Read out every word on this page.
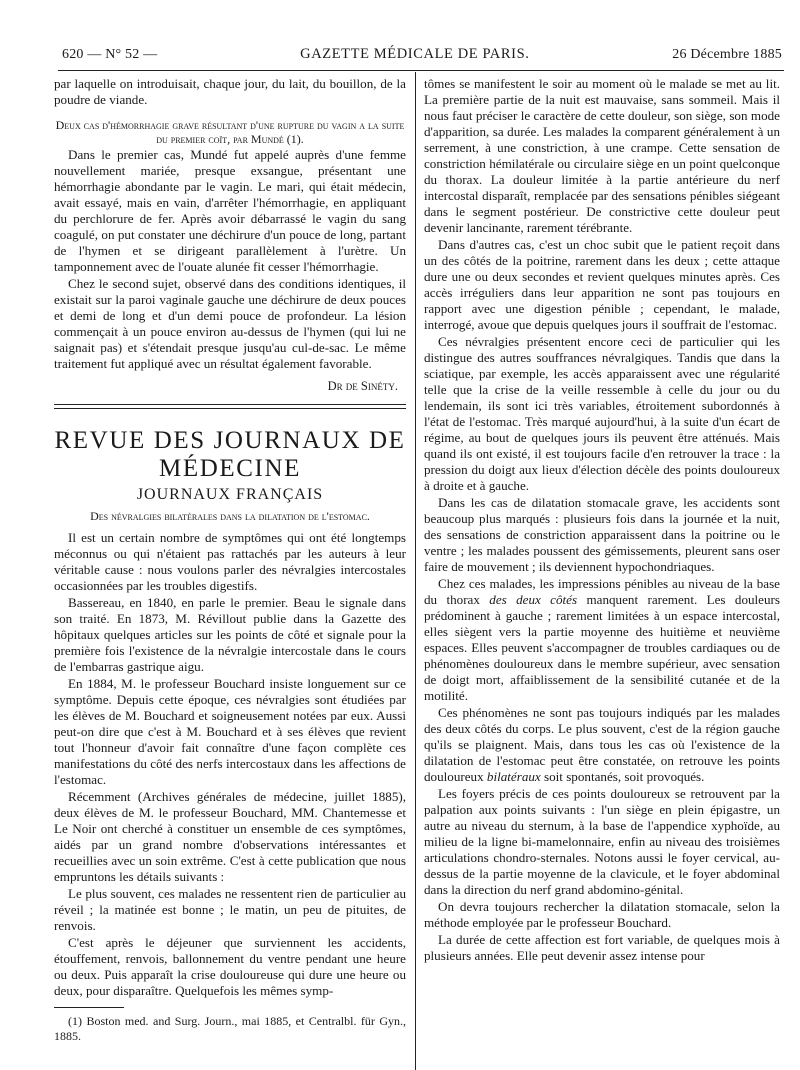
620 — N° 52 —	GAZETTE MÉDICALE DE PARIS.	26 Décembre 1885

par laquelle on introduisait, chaque jour, du lait, du bouillon, de la poudre de viande.

Deux cas d'hémorrhagie grave résultant d'une rupture du vagin a la suite du premier coït, par Mundé (1).

Dans le premier cas, Mundé fut appelé auprès d'une femme nouvellement mariée, presque exsangue, présentant une hémorrhagie abondante par le vagin. Le mari, qui était médecin, avait essayé, mais en vain, d'arrêter l'hémorrhagie, en appliquant du perchlorure de fer. Après avoir débarrassé le vagin du sang coagulé, on put constater une déchirure d'un pouce de long, partant de l'hymen et se dirigeant parallèlement à l'urètre. Un tamponnement avec de l'ouate alunée fit cesser l'hémorrhagie.

Chez le second sujet, observé dans des conditions identiques, il existait sur la paroi vaginale gauche une déchirure de deux pouces et demi de long et d'un demi pouce de profondeur. La lésion commençait à un pouce environ au-dessus de l'hymen (qui lui ne saignait pas) et s'étendait presque jusqu'au cul-de-sac. Le même traitement fut appliqué avec un résultat également favorable.

Dr de Sinéty.
REVUE DES JOURNAUX DE MÉDECINE
JOURNAUX FRANÇAIS
Des névralgies bilatérales dans la dilatation de l'estomac.

Il est un certain nombre de symptômes qui ont été longtemps méconnus ou qui n'étaient pas rattachés par les auteurs à leur véritable cause : nous voulons parler des névralgies intercostales occasionnées par les troubles digestifs.

Bassereau, en 1840, en parle le premier. Beau le signale dans son traité. En 1873, M. Révillout publie dans la Gazette des hôpitaux quelques articles sur les points de côté et signale pour la première fois l'existence de la névralgie intercostale dans le cours de l'embarras gastrique aigu.

En 1884, M. le professeur Bouchard insiste longuement sur ce symptôme. Depuis cette époque, ces névralgies sont étudiées par les élèves de M. Bouchard et soigneusement notées par eux. Aussi peut-on dire que c'est à M. Bouchard et à ses élèves que revient tout l'honneur d'avoir fait connaître d'une façon complète ces manifestations du côté des nerfs intercostaux dans les affections de l'estomac.

Récemment (Archives générales de médecine, juillet 1885), deux élèves de M. le professeur Bouchard, MM. Chantemesse et Le Noir ont cherché à constituer un ensemble de ces symptômes, aidés par un grand nombre d'observations intéressantes et recueillies avec un soin extrême. C'est à cette publication que nous empruntons les détails suivants :

Le plus souvent, ces malades ne ressentent rien de particulier au réveil ; la matinée est bonne ; le matin, un peu de pituites, de renvois.

C'est après le déjeuner que surviennent les accidents, étouffement, renvois, ballonnement du ventre pendant une heure ou deux. Puis apparaît la crise douloureuse qui dure une heure ou deux, pour disparaître. Quelquefois les mêmes symp-

(1) Boston med. and Surg. Journ., mai 1885, et Centralbl. für Gyn., 1885.

tômes se manifestent le soir au moment où le malade se met au lit. La première partie de la nuit est mauvaise, sans sommeil. Mais il nous faut préciser le caractère de cette douleur, son siège, son mode d'apparition, sa durée. Les malades la comparent généralement à un serrement, à une constriction, à une crampe. Cette sensation de constriction hémilatérale ou circulaire siège en un point quelconque du thorax. La douleur limitée à la partie antérieure du nerf intercostal disparaît, remplacée par des sensations pénibles siégeant dans le segment postérieur. De constrictive cette douleur peut devenir lancinante, rarement térébrante.

Dans d'autres cas, c'est un choc subit que le patient reçoit dans un des côtés de la poitrine, rarement dans les deux ; cette attaque dure une ou deux secondes et revient quelques minutes après. Ces accès irréguliers dans leur apparition ne sont pas toujours en rapport avec une digestion pénible ; cependant, le malade, interrogé, avoue que depuis quelques jours il souffrait de l'estomac.

Ces névralgies présentent encore ceci de particulier qui les distingue des autres souffrances névralgiques. Tandis que dans la sciatique, par exemple, les accès apparaissent avec une régularité telle que la crise de la veille ressemble à celle du jour ou du lendemain, ils sont ici très variables, étroitement subordonnés à l'état de l'estomac. Très marqué aujourd'hui, à la suite d'un écart de régime, au bout de quelques jours ils peuvent être atténués. Mais quand ils ont existé, il est toujours facile d'en retrouver la trace : la pression du doigt aux lieux d'élection décèle des points douloureux à droite et à gauche.

Dans les cas de dilatation stomacale grave, les accidents sont beaucoup plus marqués : plusieurs fois dans la journée et la nuit, des sensations de constriction apparaissent dans la poitrine ou le ventre ; les malades poussent des gémissements, pleurent sans oser faire de mouvement ; ils deviennent hypochondriaques.

Chez ces malades, les impressions pénibles au niveau de la base du thorax des deux côtés manquent rarement. Les douleurs prédominent à gauche ; rarement limitées à un espace intercostal, elles siègent vers la partie moyenne des huitième et neuvième espaces. Elles peuvent s'accompagner de troubles cardiaques ou de phénomènes douloureux dans le membre supérieur, avec sensation de doigt mort, affaiblissement de la sensibilité cutanée et de la motilité.

Ces phénomènes ne sont pas toujours indiqués par les malades des deux côtés du corps. Le plus souvent, c'est de la région gauche qu'ils se plaignent. Mais, dans tous les cas où l'existence de la dilatation de l'estomac peut être constatée, on retrouve les points douloureux bilatéraux soit spontanés, soit provoqués.

Les foyers précis de ces points douloureux se retrouvent par la palpation aux points suivants : l'un siège en plein épigastre, un autre au niveau du sternum, à la base de l'appendice xyphoïde, au milieu de la ligne bi-mamelonnaire, enfin au niveau des troisièmes articulations chondro-sternales. Notons aussi le foyer cervical, au-dessus de la partie moyenne de la clavicule, et le foyer abdominal dans la direction du nerf grand abdomino-génital.

On devra toujours rechercher la dilatation stomacale, selon la méthode employée par le professeur Bouchard.

La durée de cette affection est fort variable, de quelques mois à plusieurs années. Elle peut devenir assez intense pour
